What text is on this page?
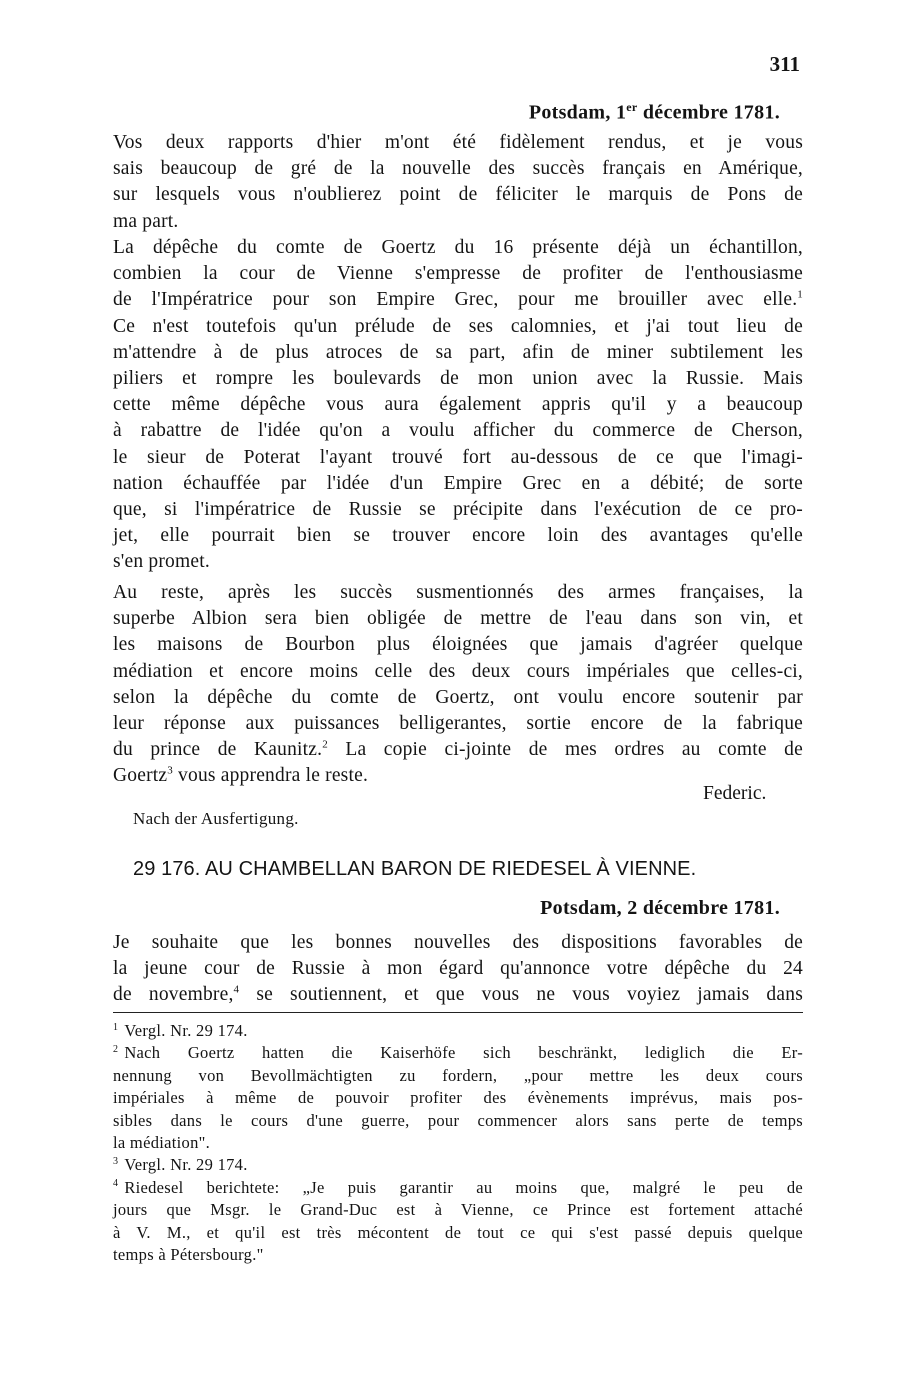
311
Potsdam, 1er décembre 1781.

Vos deux rapports d'hier m'ont été fidèlement rendus, et je vous
sais beaucoup de gré de la nouvelle des succès français en Amérique,
sur lesquels vous n'oublierez point de féliciter le marquis de Pons de
ma part.

La dépêche du comte de Goertz du 16 présente déjà un échantillon,
combien la cour de Vienne s'empresse de profiter de l'enthousiasme
de l'Impératrice pour son Empire Grec, pour me brouiller avec elle.$^1$
Ce n'est toutefois qu'un prélude de ses calomnies, et j'ai tout lieu de
m'attendre à de plus atroces de sa part, afin de miner subtilement les
piliers et rompre les boulevards de mon union avec la Russie. Mais
cette même dépêche vous aura également appris qu'il y a beaucoup
à rabattre de l'idée qu'on a voulu afficher du commerce de Cherson,
le sieur de Poterat l'ayant trouvé fort au-dessous de ce que l'imagi-
nation échauffée par l'idée d'un Empire Grec en a débité; de sorte
que, si l'impératrice de Russie se précipite dans l'exécution de ce pro-
jet, elle pourrait bien se trouver encore loin des avantages qu'elle
s'en promet.

Au reste, après les succès susmentionnés des armes françaises, la
superbe Albion sera bien obligée de mettre de l'eau dans son vin, et
les maisons de Bourbon plus éloignées que jamais d'agréer quelque
médiation et encore moins celle des deux cours impériales que celles-ci,
selon la dépêche du comte de Goertz, ont voulu encore soutenir par
leur réponse aux puissances belligerantes, sortie encore de la fabrique
du prince de Kaunitz.$^2$ La copie ci-jointe de mes ordres au comte de
Goertz$^3$ vous apprendra le reste.

Federic.
Nach der Ausfertigung.
29 176. AU CHAMBELLAN BARON DE RIEDESEL À VIENNE.
Potsdam, 2 décembre 1781.

Je souhaite que les bonnes nouvelles des dispositions favorables de
la jeune cour de Russie à mon égard qu'annonce votre dépêche du 24
de novembre,$^4$ se soutiennent, et que vous ne vous voyiez jamais dans

$^1$ Vergl. Nr. 29 174.
$^2$ Nach Goertz hatten die Kaiserhöfe sich beschränkt, lediglich die Er-
nennung von Bevollmächtigten zu fordern, „pour mettre les deux cours
impériales à même de pouvoir profiter des évènements imprévus, mais pos-
sibles dans le cours d'une guerre, pour commencer alors sans perte de temps
la médiation".
$^3$ Vergl. Nr. 29 174.
$^4$ Riedesel berichtete: „Je puis garantir au moins que, malgré le peu de
jours que Msgr. le Grand-Duc est à Vienne, ce Prince est fortement attaché
à V. M., et qu'il est très mécontent de tout ce qui s'est passé depuis quelque
temps à Pétersbourg."
